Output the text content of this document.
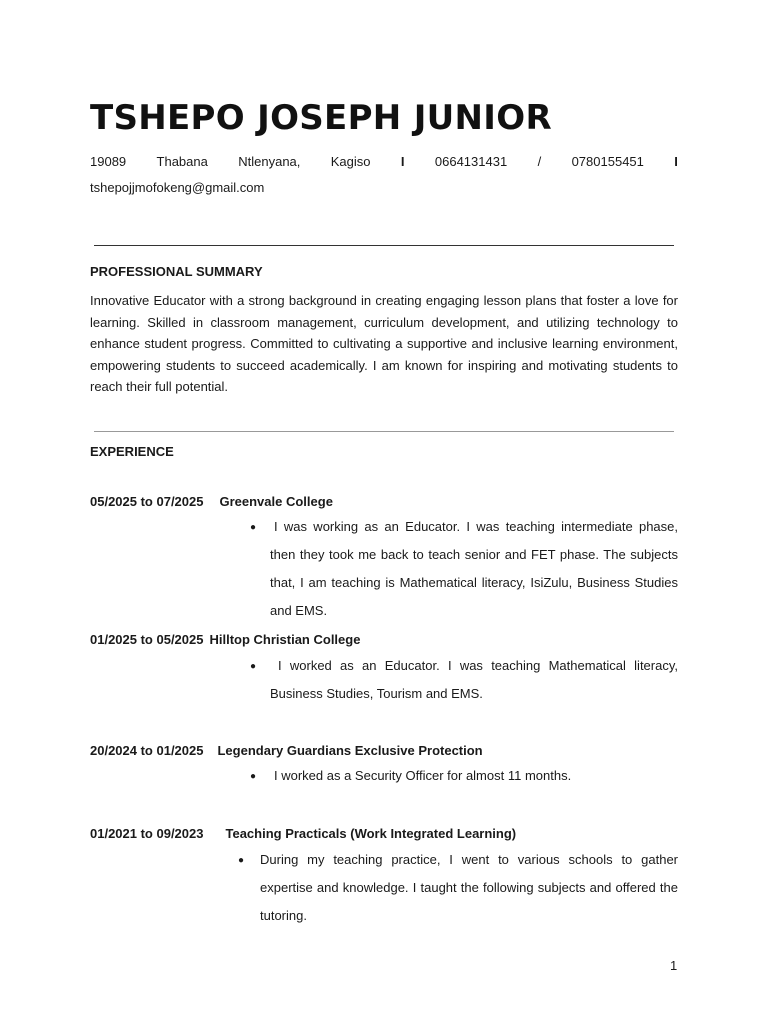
TSHEPO JOSEPH JUNIOR
19089 Thabana Ntlenyana, Kagiso I 0664131431 / 0780155451 I
tshepojjmofokeng@gmail.com
PROFESSIONAL SUMMARY

Innovative Educator with a strong background in creating engaging lesson plans that foster a love for learning. Skilled in classroom management, curriculum development, and utilizing technology to enhance student progress. Committed to cultivating a supportive and inclusive learning environment, empowering students to succeed academically. I am known for inspiring and motivating students to reach their full potential.

EXPERIENCE
05/2025 to 07/2025 Greenvale College
●	I was working as an Educator. I was teaching intermediate phase, then they took me back to teach senior and FET phase. The subjects that, I am teaching is Mathematical literacy, IsiZulu, Business Studies and EMS.

01/2025 to 05/2025 Hilltop Christian College
●	I worked as an Educator. I was teaching Mathematical literacy, Business Studies, Tourism and EMS.

20/2024 to 01/2025 Legendary Guardians Exclusive Protection
● I worked as a Security Officer for almost 11 months.

01/2021 to 09/2023 Teaching Practicals (Work Integrated Learning)
● During my teaching practice, I went to various schools to gather expertise and knowledge. I taught the following subjects and offered the tutoring.

1
